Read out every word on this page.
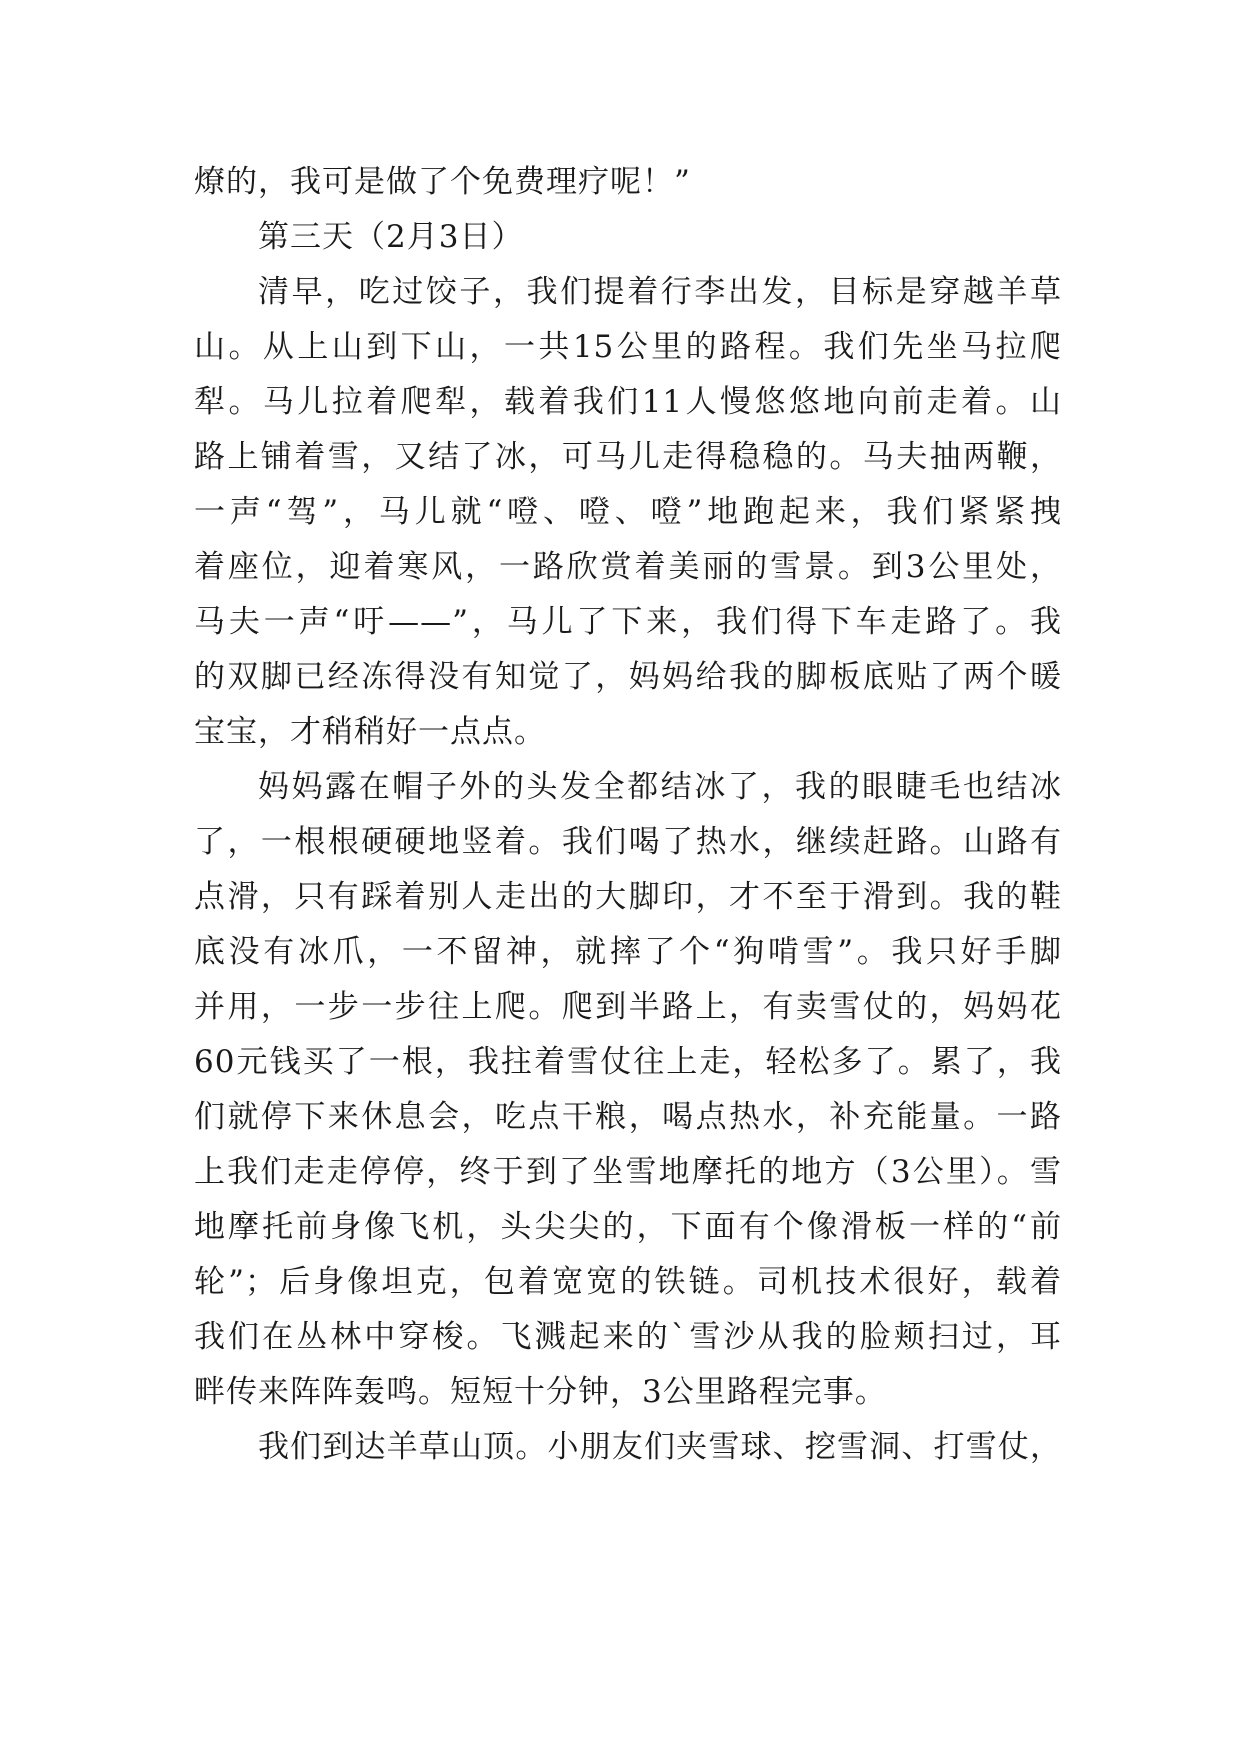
燎的，我可是做了个免费理疗呢！”
第三天（2月3日）
清早，吃过饺子，我们提着行李出发，目标是穿越羊草
山。从上山到下山，一共15公里的路程。我们先坐马拉爬
犁。马儿拉着爬犁，载着我们11人慢悠悠地向前走着。山
路上铺着雪，又结了冰，可马儿走得稳稳的。马夫抽两鞭，
一声“驾”，马儿就“噔、噔、噔”地跑起来，我们紧紧拽
着座位，迎着寒风，一路欣赏着美丽的雪景。到3公里处，
马夫一声“吁——”，马儿了下来，我们得下车走路了。我
的双脚已经冻得没有知觉了，妈妈给我的脚板底贴了两个暖
宝宝，才稍稍好一点点。
妈妈露在帽子外的头发全都结冰了，我的眼睫毛也结冰
了，一根根硬硬地竖着。我们喝了热水，继续赶路。山路有
点滑，只有踩着别人走出的大脚印，才不至于滑到。我的鞋
底没有冰爪，一不留神，就摔了个“狗啃雪”。我只好手脚
并用，一步一步往上爬。爬到半路上，有卖雪仗的，妈妈花
60元钱买了一根，我拄着雪仗往上走，轻松多了。累了，我
们就停下来休息会，吃点干粮，喝点热水，补充能量。一路
上我们走走停停，终于到了坐雪地摩托的地方（3公里）。雪
地摩托前身像飞机，头尖尖的，下面有个像滑板一样的“前
轮”；后身像坦克，包着宽宽的铁链。司机技术很好，载着
我们在丛林中穿梭。飞溅起来的`雪沙从我的脸颊扫过，耳
畔传来阵阵轰鸣。短短十分钟，3公里路程完事。
我们到达羊草山顶。小朋友们夹雪球、挖雪洞、打雪仗，
